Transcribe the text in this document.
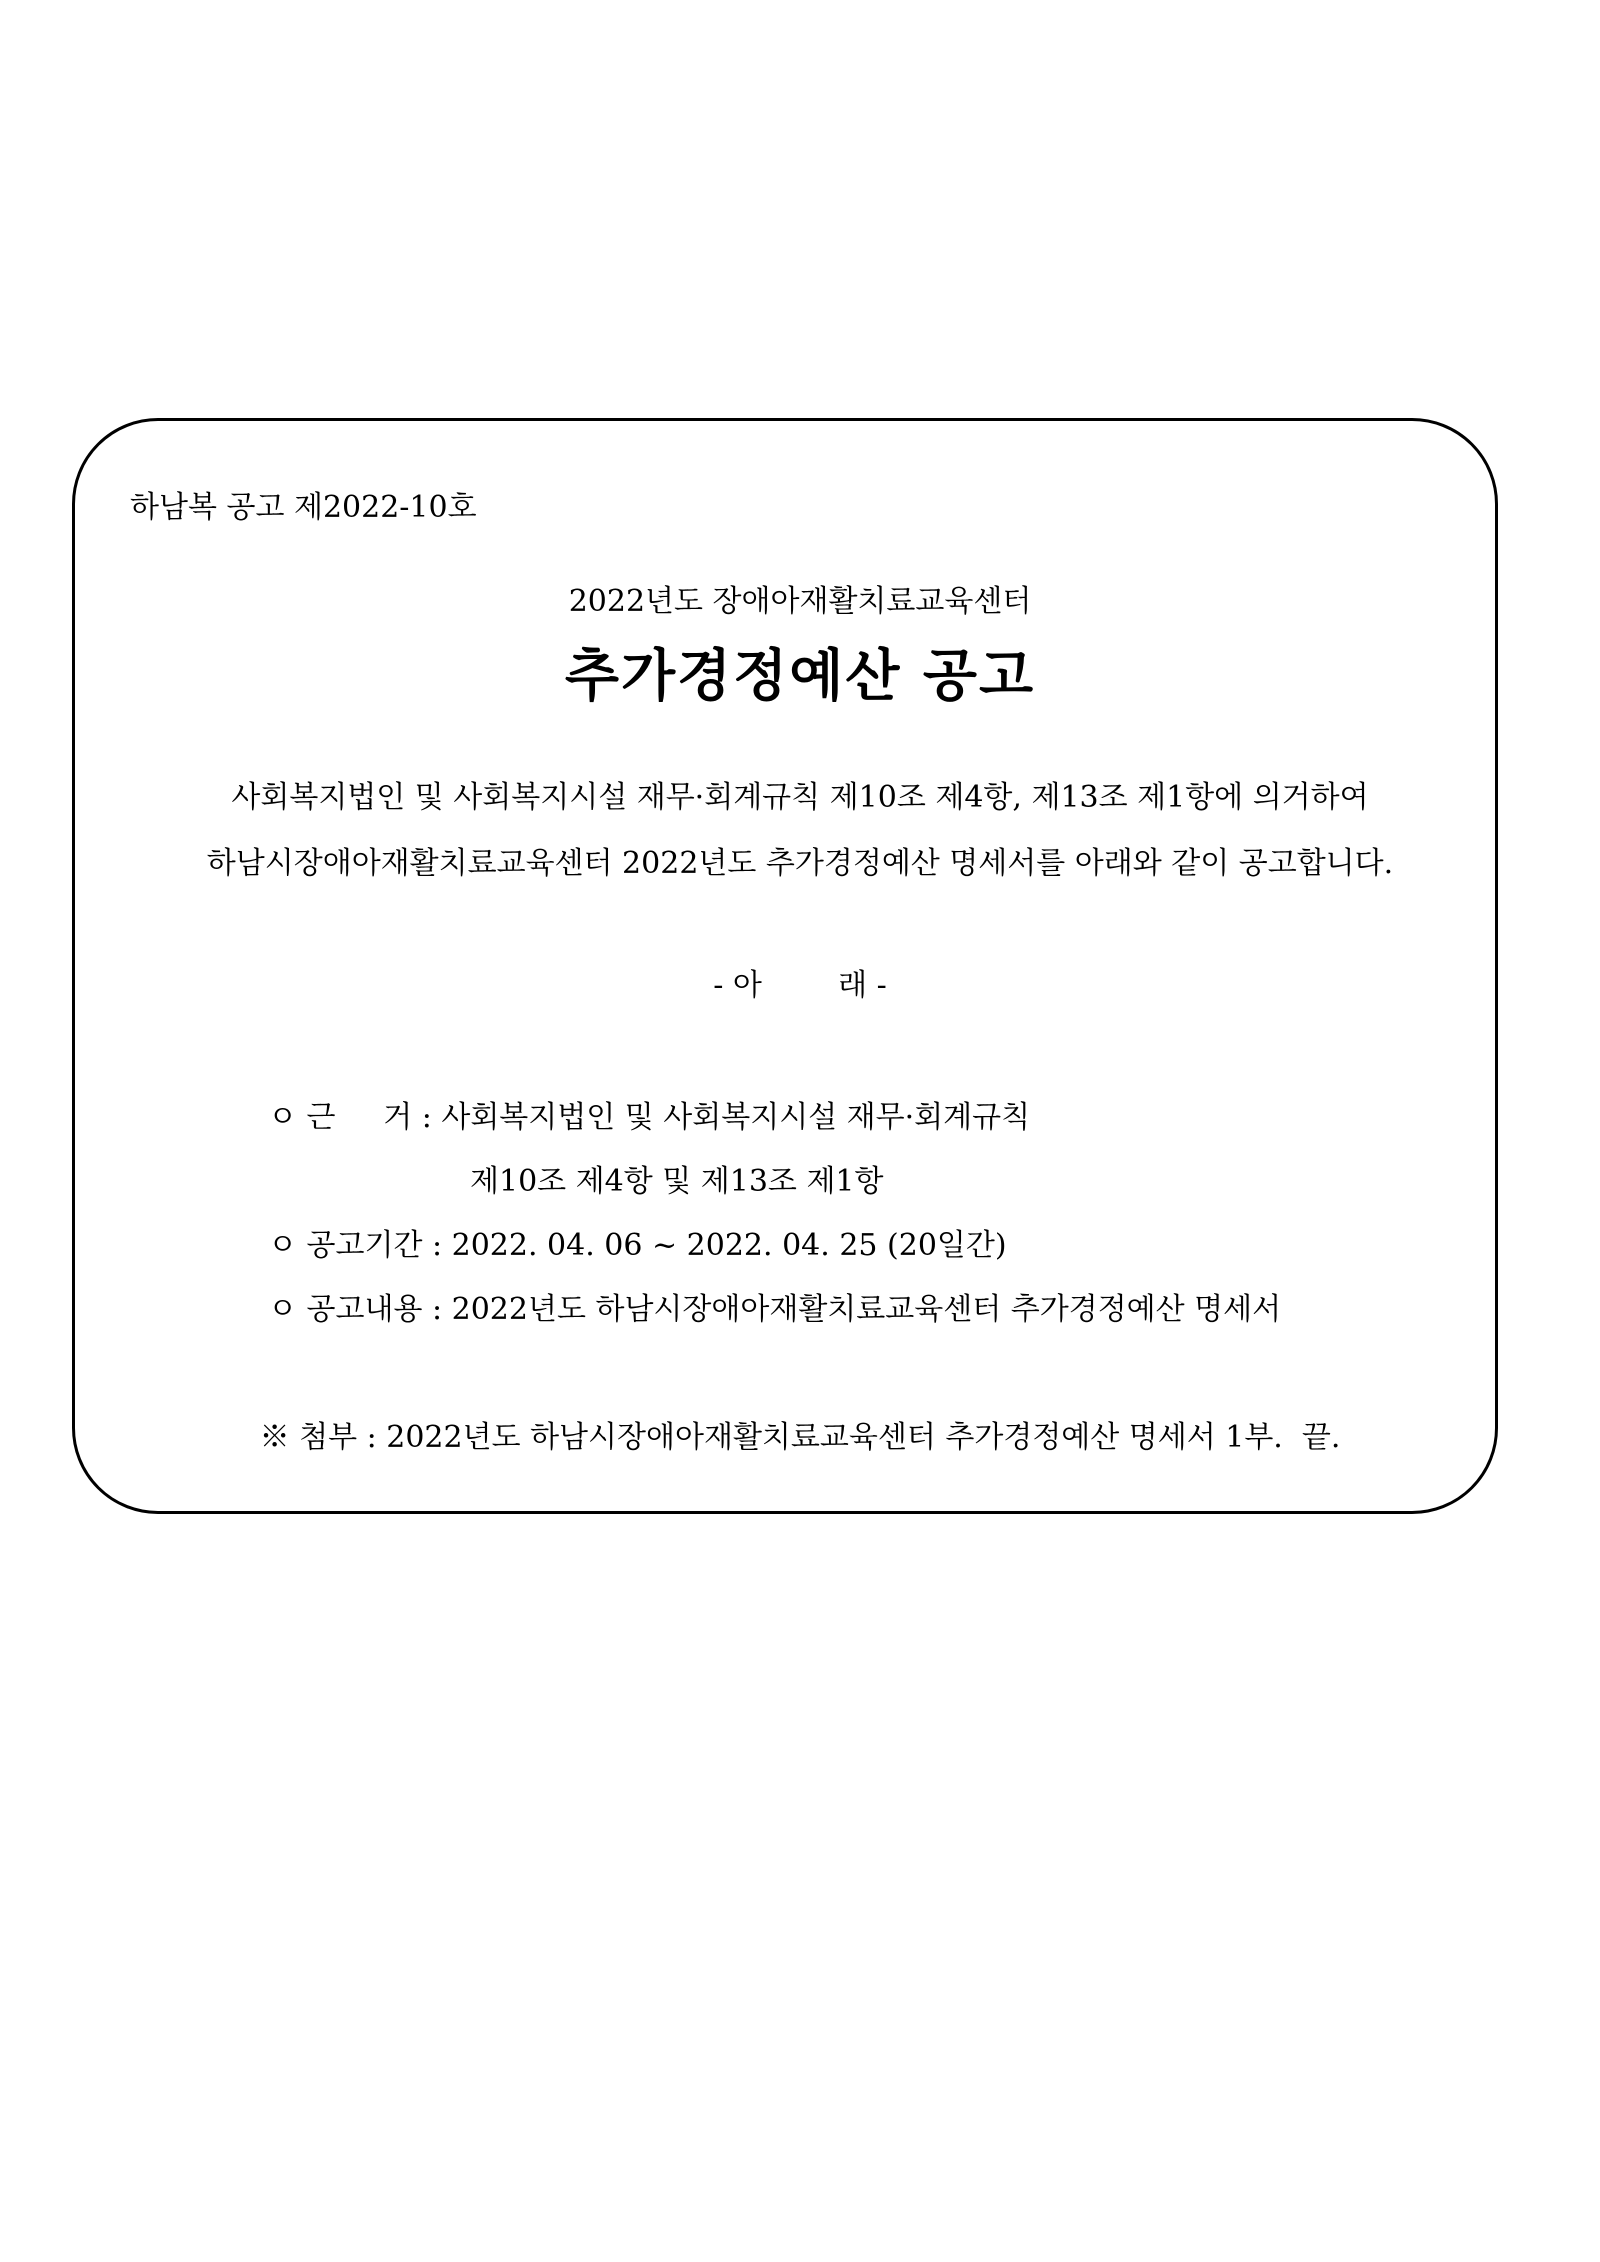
하남복 공고 제2022-10호
2022년도 장애아재활치료교육센터
추가경정예산 공고
사회복지법인 및 사회복지시설 재무·회계규칙 제10조 제4항, 제13조 제1항에 의거하여
하남시장애아재활치료교육센터 2022년도 추가경정예산 명세서를 아래와 같이 공고합니다.
- 아        래 -
ㅇ 근     거 : 사회복지법인 및 사회복지시설 재무·회계규칙
제10조 제4항 및 제13조 제1항
ㅇ 공고기간 : 2022. 04. 06 ~ 2022. 04. 25 (20일간)
ㅇ 공고내용 : 2022년도 하남시장애아재활치료교육센터 추가경정예산 명세서
※ 첨부 : 2022년도 하남시장애아재활치료교육센터 추가경정예산 명세서 1부.  끝.
